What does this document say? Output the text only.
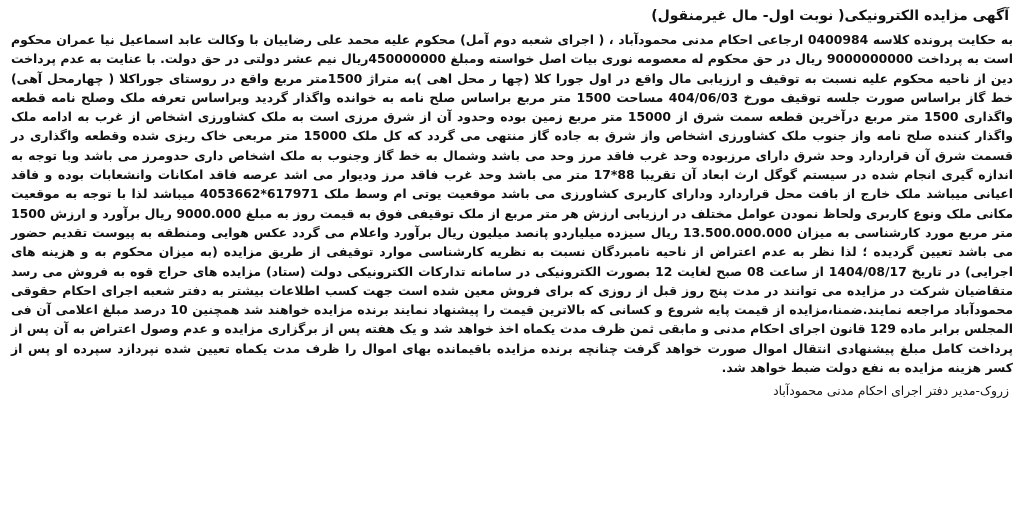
آگهی مزایده الکترونیکی( نوبت اول- مال غیرمنقول)

به حکایت پرونده کلاسه 0400984 ارجاعی احکام مدنی محمودآباد ، ( اجرای شعبه دوم آمل) محکوم علیه محمد علی رضاییان با وکالت عابد اسماعیل نیا عمران محکوم است به پرداخت 9000000000 ریال در حق محکوم له معصومه نوری بیات اصل خواسته ومبلغ 450000000ریال نیم عشر دولتی در حق دولت. با عنایت به عدم پرداخت دین از ناحیه محکوم علیه نسبت به توقیف و ارزیابی مال واقع در اول جورا کلا (چها ر محل اهی )به متراژ 1500متر مربع واقع در روستای جوراکلا ( چهارمحل آهی) خط گاز براساس صورت جلسه توقیف مورخ 404/06/03 مساحت 1500 متر مربع براساس صلح نامه به خوانده واگذار گردید وبراساس تعرفه ملک وصلح نامه قطعه واگذاری 1500 متر مربع درآخرین قطعه سمت شرق از 15000 متر مربع زمین بوده وحدود آن از شرق مرزی است به ملک کشاورزی اشخاص از غرب به ادامه ملک واگذار کننده صلح نامه واز جنوب ملک کشاورزی اشخاص واز شرق به جاده گاز منتهی می گردد که کل ملک 15000 متر مربعی خاک ریزی شده وقطعه واگذاری در قسمت شرق آن قراردارد وحد شرق دارای مرزبوده وحد غرب فاقد مرز وحد می باشد وشمال به خط گاز وجنوب به ملک اشخاص داری حدومرز می باشد وبا توجه به اندازه گیری انجام شده در سیستم گوگل ارث ابعاد آن تقریبا 88*17 متر می باشد وحد غرب فاقد مرز ودیوار می اشد عرصه فاقد امکانات وانشعابات بوده و فاقد اعیانی میباشد ملک خارج از بافت محل قراردارد ودارای کاربری کشاورزی می باشد موقعیت یوتی ام وسط ملک 617971*4053662 میباشد لذا با توجه به موقعیت مکانی ملک ونوع کاربری ولحاظ نمودن عوامل مختلف در ارزیابی ارزش هر متر مربع از ملک توقیفی فوق به قیمت روز به مبلغ 9000.000 ریال برآورد و ارزش 1500 متر مربع مورد کارشناسی به میزان 13.500.000.000 ریال سیزده میلیاردو پانصد میلیون ریال برآورد واعلام می گردد عکس هوایی ومنطقه به پیوست تقدیم حضور می باشد تعیین گردیده ؛ لذا نظر به عدم اعتراض از ناحیه نامبردگان نسبت به نظریه کارشناسی موارد توقیفی از طریق مزایده (به میزان محکوم به و هزینه های اجرایی) در تاریخ 1404/08/17 از ساعت 08 صبح لغایت 12 بصورت الکترونیکی در سامانه تدارکات الکترونیکی دولت (ستاد) مزایده های حراج قوه به فروش می رسد متقاضیان شرکت در مزایده می توانند در مدت پنج روز قبل از روزی که برای فروش معین شده است جهت کسب اطلاعات بیشتر به دفتر شعبه اجرای احکام حقوقی محمودآباد مراجعه نمایند.ضمنا،مزایده از قیمت پایه شروع و کسانی که بالاترین قیمت را پیشنهاد نمایند برنده مزایده خواهند شد همچنین 10 درصد مبلغ اعلامی آن فی المجلس برابر ماده 129 قانون اجرای احکام مدنی و مابقی ثمن ظرف مدت یکماه اخذ خواهد شد و یک هفته پس از برگزاری مزایده و عدم وصول اعتراض به آن پس از پرداخت کامل مبلغ پیشنهادی انتقال اموال صورت خواهد گرفت چنانچه برنده مزایده باقیمانده بهای اموال را ظرف مدت یکماه تعیین شده نپردازد سپرده او پس از کسر هزینه مزایده به نفع دولت ضبط خواهد شد.

زروک-مدیر دفتر اجرای احکام مدنی محمودآباد
